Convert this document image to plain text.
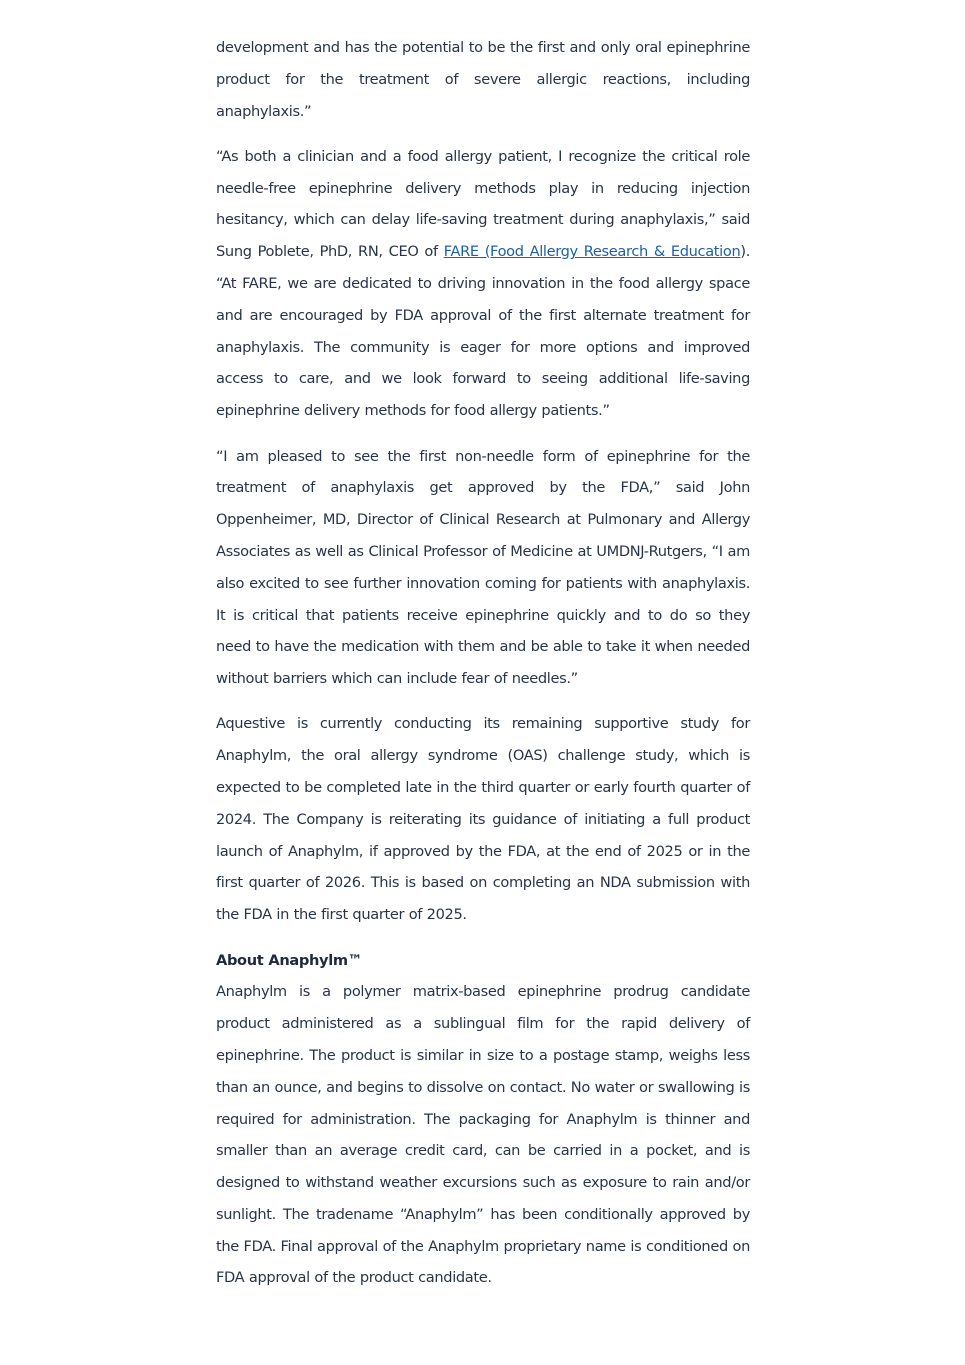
development and has the potential to be the first and only oral epinephrine product for the treatment of severe allergic reactions, including anaphylaxis.”

“As both a clinician and a food allergy patient, I recognize the critical role needle-free epinephrine delivery methods play in reducing injection hesitancy, which can delay life-saving treatment during anaphylaxis,” said Sung Poblete, PhD, RN, CEO of FARE (Food Allergy Research & Education). “At FARE, we are dedicated to driving innovation in the food allergy space and are encouraged by FDA approval of the first alternate treatment for anaphylaxis. The community is eager for more options and improved access to care, and we look forward to seeing additional life-saving epinephrine delivery methods for food allergy patients.”

“I am pleased to see the first non-needle form of epinephrine for the treatment of anaphylaxis get approved by the FDA,” said John Oppenheimer, MD, Director of Clinical Research at Pulmonary and Allergy Associates as well as Clinical Professor of Medicine at UMDNJ-Rutgers, “I am also excited to see further innovation coming for patients with anaphylaxis. It is critical that patients receive epinephrine quickly and to do so they need to have the medication with them and be able to take it when needed without barriers which can include fear of needles.”

Aquestive is currently conducting its remaining supportive study for Anaphylm, the oral allergy syndrome (OAS) challenge study, which is expected to be completed late in the third quarter or early fourth quarter of 2024. The Company is reiterating its guidance of initiating a full product launch of Anaphylm, if approved by the FDA, at the end of 2025 or in the first quarter of 2026. This is based on completing an NDA submission with the FDA in the first quarter of 2025.

About Anaphylm™

Anaphylm is a polymer matrix-based epinephrine prodrug candidate product administered as a sublingual film for the rapid delivery of epinephrine. The product is similar in size to a postage stamp, weighs less than an ounce, and begins to dissolve on contact. No water or swallowing is required for administration. The packaging for Anaphylm is thinner and smaller than an average credit card, can be carried in a pocket, and is designed to withstand weather excursions such as exposure to rain and/or sunlight. The tradename “Anaphylm” has been conditionally approved by the FDA. Final approval of the Anaphylm proprietary name is conditioned on FDA approval of the product candidate.
